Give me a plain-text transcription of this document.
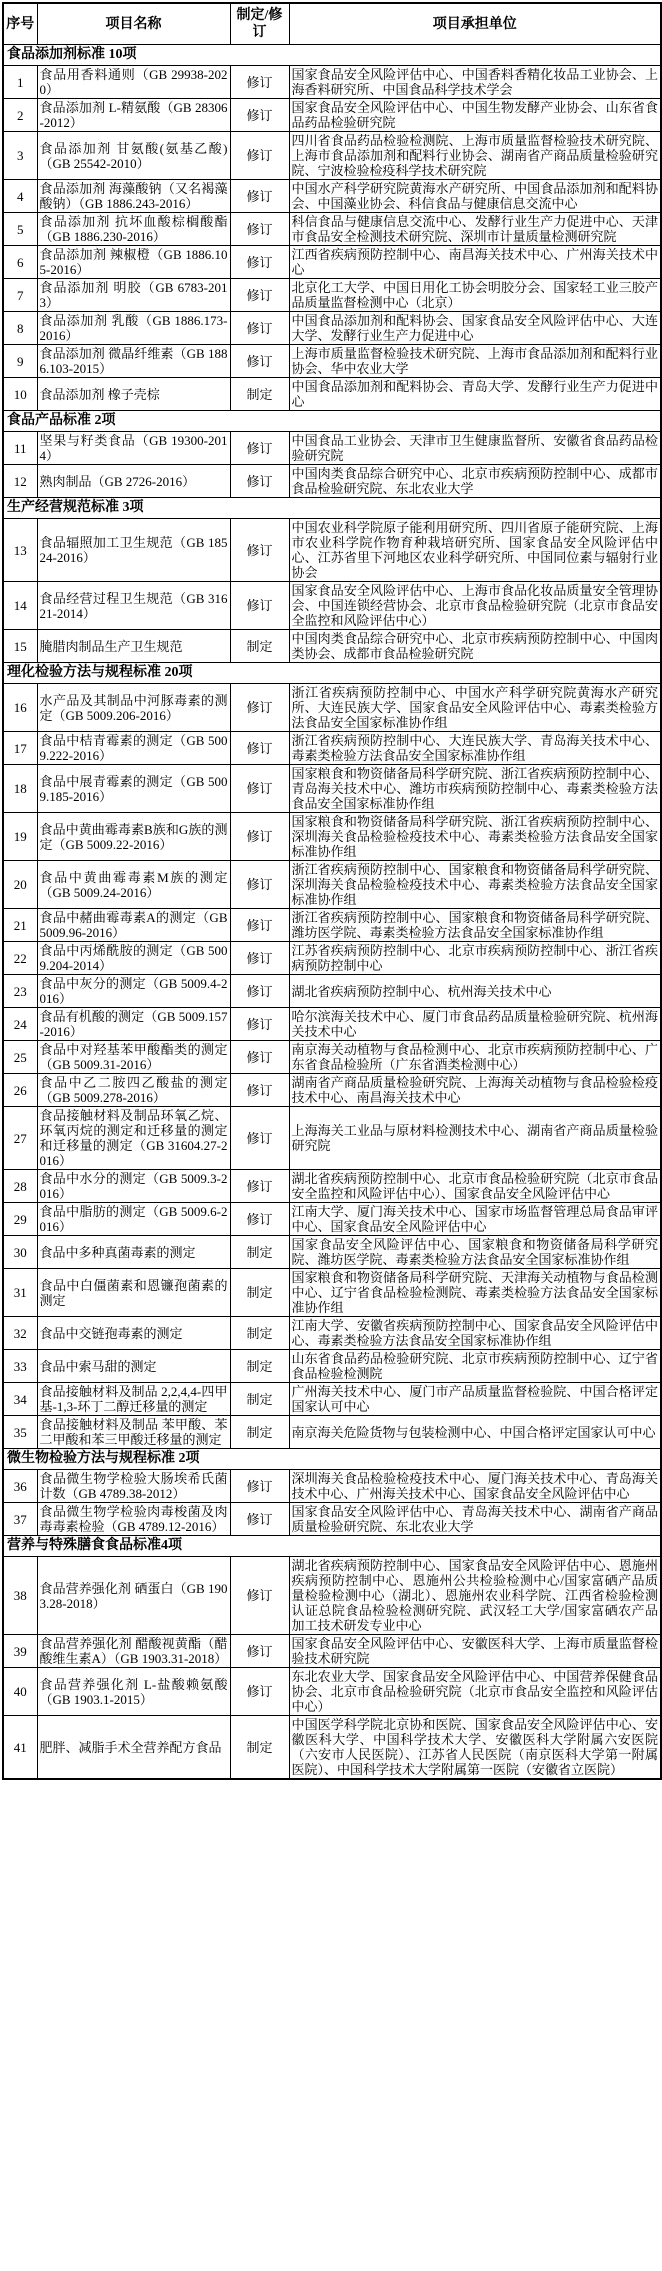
序号	项目名称	制定/修订	项目承担单位
食品添加剂标准 10项			
1	食品用香料通则（GB 29938-2020）	修订	国家食品安全风险评估中心、中国香料香精化妆品工业协会、上海香料研究所、中国食品科学技术学会
2	食品添加剂 L-精氨酸（GB 28306-2012）	修订	国家食品安全风险评估中心、中国生物发酵产业协会、山东省食品药品检验研究院
3	食品添加剂 甘氨酸(氨基乙酸)（GB 25542-2010）	修订	四川省食品药品检验检测院、上海市质量监督检验技术研究院、上海市食品添加剂和配料行业协会、湖南省产商品质量检验研究院、宁波检验检疫科学技术研究院
4	食品添加剂 海藻酸钠（又名褐藻酸钠）（GB 1886.243-2016）	修订	中国水产科学研究院黄海水产研究所、中国食品添加剂和配料协会、中国藻业协会、科信食品与健康信息交流中心
5	食品添加剂 抗坏血酸棕榈酸酯（GB 1886.230-2016）	修订	科信食品与健康信息交流中心、发酵行业生产力促进中心、天津市食品安全检测技术研究院、深圳市计量质量检测研究院
6	食品添加剂 辣椒橙（GB 1886.105-2016）	修订	江西省疾病预防控制中心、南昌海关技术中心、广州海关技术中心
7	食品添加剂 明胶（GB 6783-2013）	修订	北京化工大学、中国日用化工协会明胶分会、国家轻工业三胶产品质量监督检测中心（北京）
8	食品添加剂 乳酸（GB 1886.173-2016）	修订	中国食品添加剂和配料协会、国家食品安全风险评估中心、大连大学、发酵行业生产力促进中心
9	食品添加剂 微晶纤维素（GB 1886.103-2015）	修订	上海市质量监督检验技术研究院、上海市食品添加剂和配料行业协会、华中农业大学
10	食品添加剂 橡子壳棕	制定	中国食品添加剂和配料协会、青岛大学、发酵行业生产力促进中心
食品产品标准 2项			
11	坚果与籽类食品（GB 19300-2014）	修订	中国食品工业协会、天津市卫生健康监督所、安徽省食品药品检验研究院
12	熟肉制品（GB 2726-2016）	修订	中国肉类食品综合研究中心、北京市疾病预防控制中心、成都市食品检验研究院、东北农业大学
生产经营规范标准 3项			
13	食品辐照加工卫生规范（GB 18524-2016）	修订	中国农业科学院原子能利用研究所、四川省原子能研究院、上海市农业科学院作物育种栽培研究所、国家食品安全风险评估中心、江苏省里下河地区农业科学研究所、中国同位素与辐射行业协会
14	食品经营过程卫生规范（GB 31621-2014）	修订	国家食品安全风险评估中心、上海市食品化妆品质量安全管理协会、中国连锁经营协会、北京市食品检验研究院（北京市食品安全监控和风险评估中心）
15	腌腊肉制品生产卫生规范	制定	中国肉类食品综合研究中心、北京市疾病预防控制中心、中国肉类协会、成都市食品检验研究院
理化检验方法与规程标准 20项			
16	水产品及其制品中河豚毒素的测定（GB 5009.206-2016）	修订	浙江省疾病预防控制中心、中国水产科学研究院黄海水产研究所、大连民族大学、国家食品安全风险评估中心、毒素类检验方法食品安全国家标准协作组
17	食品中桔青霉素的测定（GB 5009.222-2016）	修订	浙江省疾病预防控制中心、大连民族大学、青岛海关技术中心、毒素类检验方法食品安全国家标准协作组
18	食品中展青霉素的测定（GB 5009.185-2016）	修订	国家粮食和物资储备局科学研究院、浙江省疾病预防控制中心、青岛海关技术中心、潍坊市疾病预防控制中心、毒素类检验方法食品安全国家标准协作组
19	食品中黄曲霉毒素B族和G族的测定（GB 5009.22-2016）	修订	国家粮食和物资储备局科学研究院、浙江省疾病预防控制中心、深圳海关食品检验检疫技术中心、毒素类检验方法食品安全国家标准协作组
20	食品中黄曲霉毒素M族的测定（GB 5009.24-2016）	修订	浙江省疾病预防控制中心、国家粮食和物资储备局科学研究院、深圳海关食品检验检疫技术中心、毒素类检验方法食品安全国家标准协作组
21	食品中赭曲霉毒素A的测定（GB 5009.96-2016）	修订	浙江省疾病预防控制中心、国家粮食和物资储备局科学研究院、潍坊医学院、毒素类检验方法食品安全国家标准协作组
22	食品中丙烯酰胺的测定（GB 5009.204-2014）	修订	江苏省疾病预防控制中心、北京市疾病预防控制中心、浙江省疾病预防控制中心
23	食品中灰分的测定（GB 5009.4-2016）	修订	湖北省疾病预防控制中心、杭州海关技术中心
24	食品有机酸的测定（GB 5009.157-2016）	修订	哈尔滨海关技术中心、厦门市食品药品质量检验研究院、杭州海关技术中心
25	食品中对羟基苯甲酸酯类的测定（GB 5009.31-2016）	修订	南京海关动植物与食品检测中心、北京市疾病预防控制中心、广东省食品检验所（广东省酒类检测中心）
26	食品中乙二胺四乙酸盐的测定（GB 5009.278-2016）	修订	湖南省产商品质量检验研究院、上海海关动植物与食品检验检疫技术中心、南昌海关技术中心
27	食品接触材料及制品环氧乙烷、环氧丙烷的测定和迁移量的测定和迁移量的测定（GB 31604.27-2016）	修订	上海海关工业品与原材料检测技术中心、湖南省产商品质量检验研究院
28	食品中水分的测定（GB 5009.3-2016）	修订	湖北省疾病预防控制中心、北京市食品检验研究院（北京市食品安全监控和风险评估中心）、国家食品安全风险评估中心
29	食品中脂肪的测定（GB 5009.6-2016）	修订	江南大学、厦门海关技术中心、国家市场监督管理总局食品审评中心、国家食品安全风险评估中心
30	食品中多种真菌毒素的测定	制定	国家食品安全风险评估中心、国家粮食和物资储备局科学研究院、潍坊医学院、毒素类检验方法食品安全国家标准协作组
31	食品中白僵菌素和恩镰孢菌素的测定	制定	国家粮食和物资储备局科学研究院、天津海关动植物与食品检测中心、辽宁省食品检验检测院、毒素类检验方法食品安全国家标准协作组
32	食品中交链孢毒素的测定	制定	江南大学、安徽省疾病预防控制中心、国家食品安全风险评估中心、毒素类检验方法食品安全国家标准协作组
33	食品中索马甜的测定	制定	山东省食品药品检验研究院、北京市疾病预防控制中心、辽宁省食品检验检测院
34	食品接触材料及制品 2,2,4,4-四甲基-1,3-环丁二醇迁移量的测定	制定	广州海关技术中心、厦门市产品质量监督检验院、中国合格评定国家认可中心
35	食品接触材料及制品 苯甲酸、苯二甲酸和苯三甲酸迁移量的测定	制定	南京海关危险货物与包装检测中心、中国合格评定国家认可中心
微生物检验方法与规程标准 2项			
36	食品微生物学检验大肠埃希氏菌计数（GB 4789.38-2012）	修订	深圳海关食品检验检疫技术中心、厦门海关技术中心、青岛海关技术中心、广州海关技术中心、国家食品安全风险评估中心
37	食品微生物学检验肉毒梭菌及肉毒毒素检验（GB 4789.12-2016）	修订	国家食品安全风险评估中心、青岛海关技术中心、湖南省产商品质量检验研究院、东北农业大学
营养与特殊膳食食品标准4项			
38	食品营养强化剂 硒蛋白（GB 1903.28-2018）	修订	湖北省疾病预防控制中心、国家食品安全风险评估中心、恩施州疾病预防控制中心、恩施州公共检验检测中心/国家富硒产品质量检验检测中心（湖北）、恩施州农业科学院、江西省检验检测认证总院食品检验检测研究院、武汉轻工大学/国家富硒农产品加工技术研发专业中心
39	食品营养强化剂 醋酸视黄酯（醋酸维生素A）（GB 1903.31-2018）	修订	国家食品安全风险评估中心、安徽医科大学、上海市质量监督检验技术研究院
40	食品营养强化剂 L-盐酸赖氨酸（GB 1903.1-2015）	修订	东北农业大学、国家食品安全风险评估中心、中国营养保健食品协会、北京市食品检验研究院（北京市食品安全监控和风险评估中心）
41	肥胖、减脂手术全营养配方食品	制定	中国医学科学院北京协和医院、国家食品安全风险评估中心、安徽医科大学、中国科学技术大学、安徽医科大学附属六安医院（六安市人民医院）、江苏省人民医院（南京医科大学第一附属医院）、中国科学技术大学附属第一医院（安徽省立医院）
